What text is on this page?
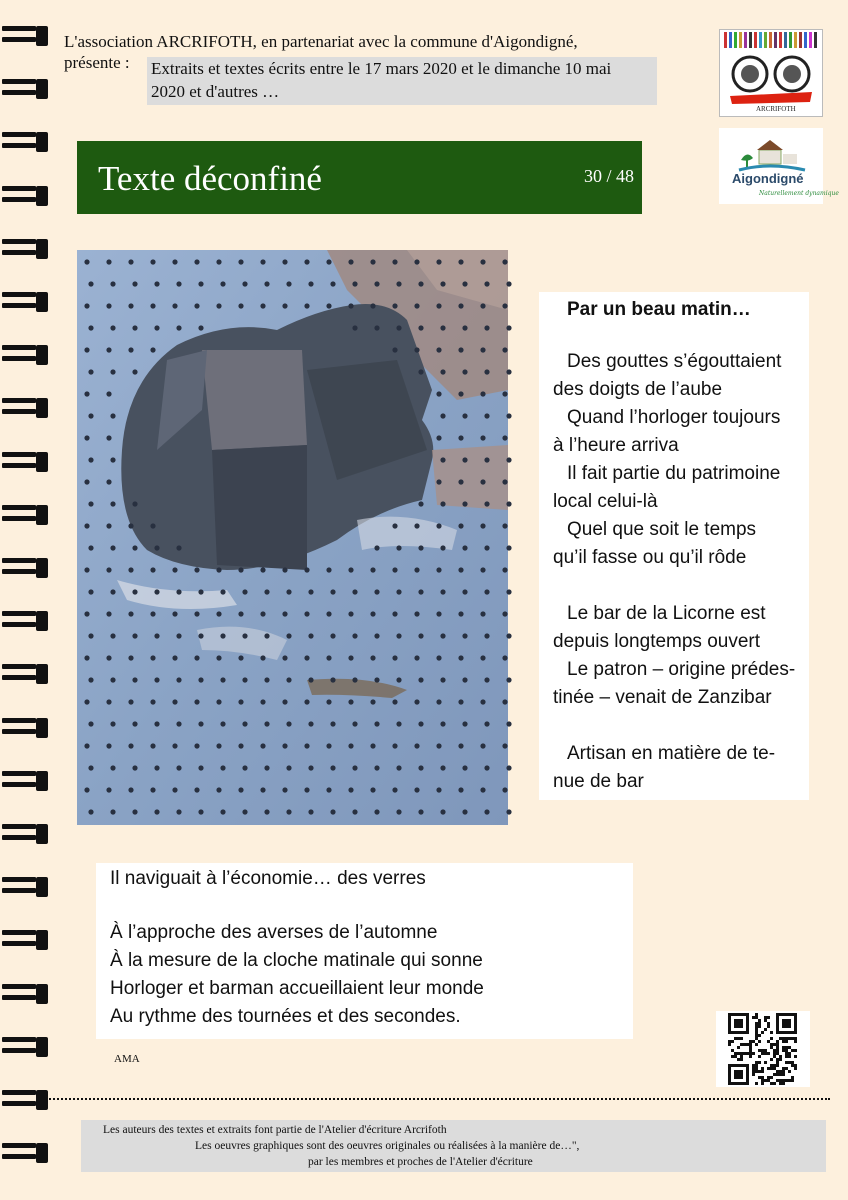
L'association ARCRIFOTH, en partenariat avec la commune d'Aigondigné,
présente : Extraits et textes écrits entre le 17 mars 2020 et le dimanche 10 mai
2020 et d'autres …
ARCRIFOTH
Aigondigné
Naturellement dynamique
Texte déconfiné	30 / 48
Par un beau matin…
Des gouttes s’égouttaient
des doigts de l’aube
Quand l’horloger toujours
à l’heure arriva
Il fait partie du patrimoine
local celui-là
Quel que soit le temps
qu’il fasse ou qu’il rôde
Le bar de la Licorne est
depuis longtemps ouvert
Le patron – origine prédes-
tinée – venait de Zanzibar
Artisan en matière de te-
nue de bar
Il naviguait à l’économie… des verres
À l’approche des averses de l’automne
À la mesure de la cloche matinale qui sonne
Horloger et barman accueillaient leur monde
Au rythme des tournées et des secondes.
AMA
Les auteurs des textes et extraits font partie de l'Atelier d'écriture Arcrifoth
Les oeuvres graphiques sont des oeuvres originales ou réalisées à la manière de…",
par les membres et proches de l'Atelier d'écriture
